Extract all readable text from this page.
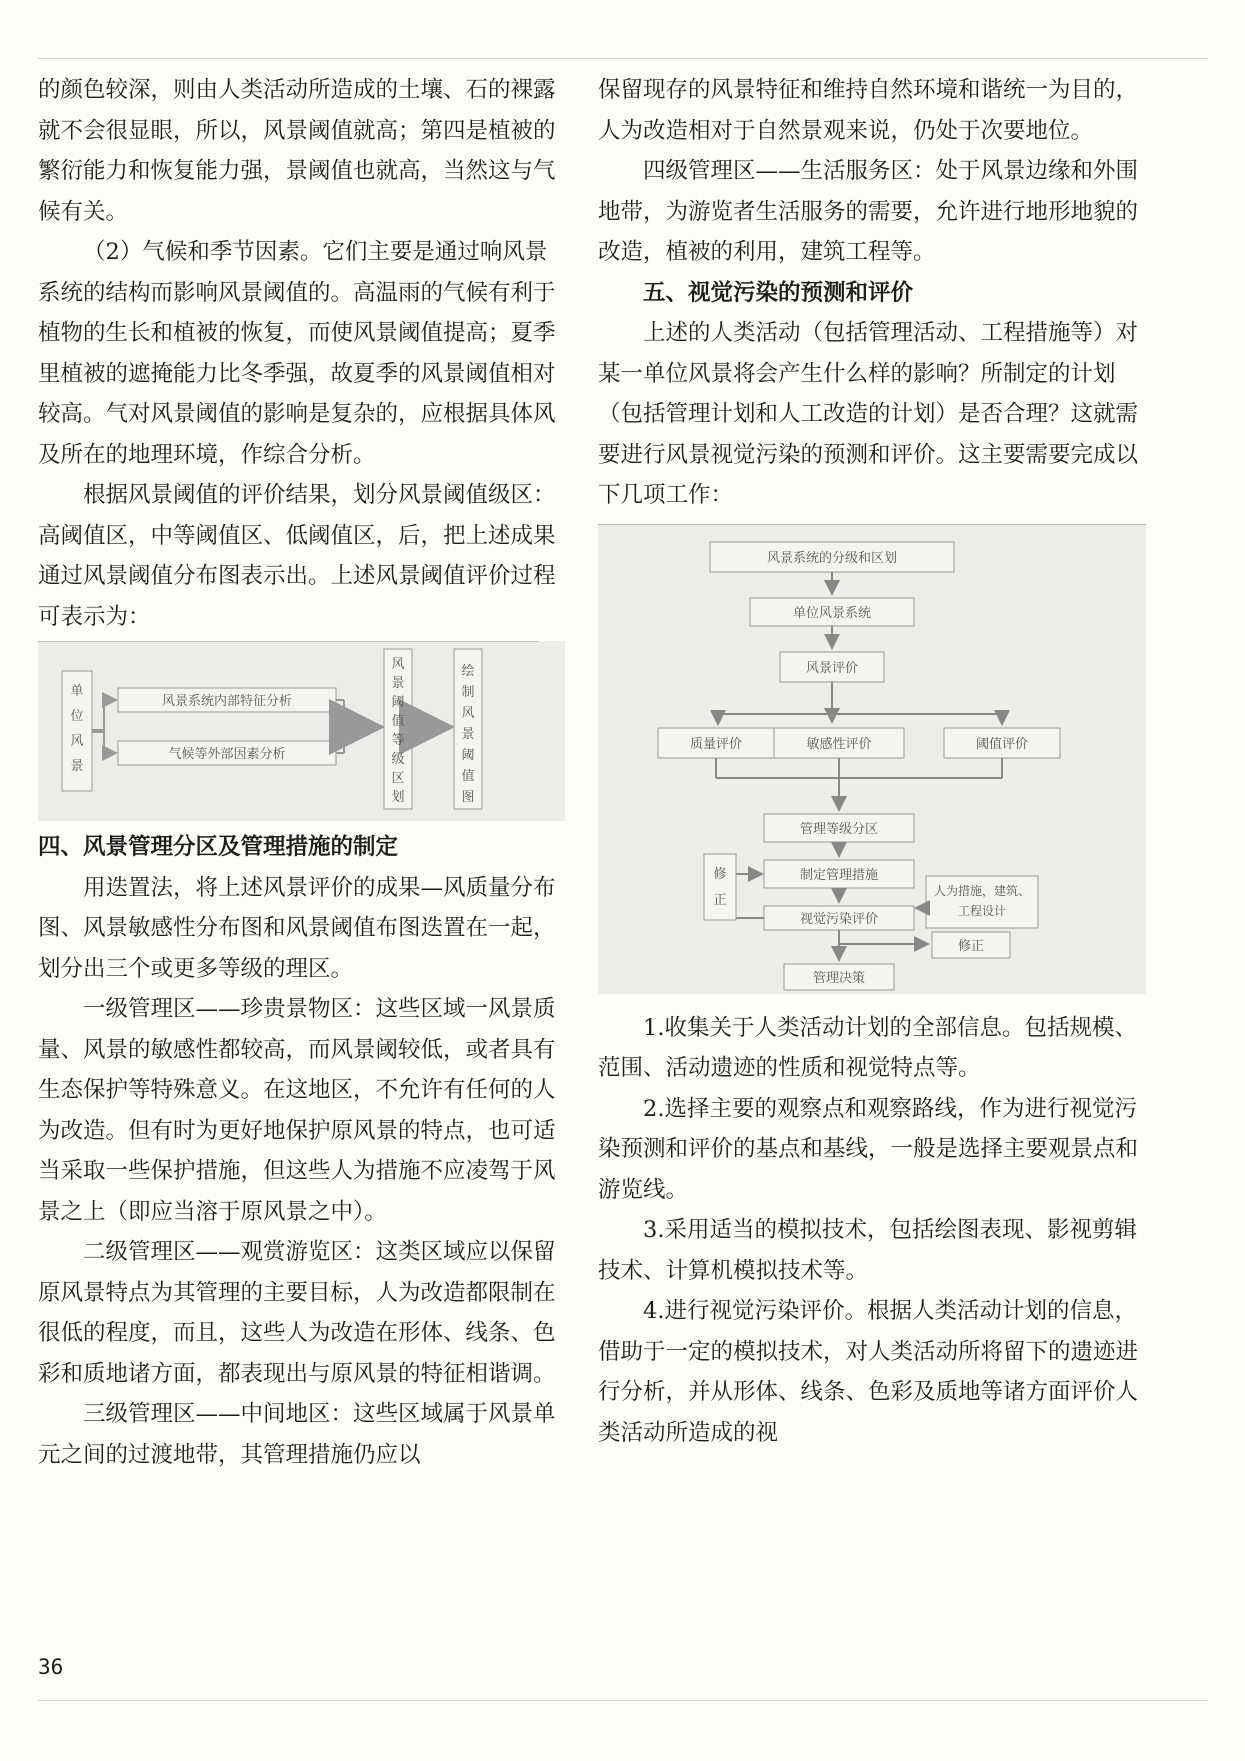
的颜色较深，则由人类活动所造成的土壤、石的裸露就不会很显眼，所以，风景阈值就高；第四是植被的繁衍能力和恢复能力强，景阈值也就高，当然这与气候有关。

（2）气候和季节因素。它们主要是通过响风景系统的结构而影响风景阈值的。高温雨的气候有利于植物的生长和植被的恢复，而使风景阈值提高；夏季里植被的遮掩能力比冬季强，故夏季的风景阈值相对较高。气对风景阈值的影响是复杂的，应根据具体风及所在的地理环境，作综合分析。

根据风景阈值的评价结果，划分风景阈值级区：高阈值区，中等阈值区、低阈值区，后，把上述成果通过风景阈值分布图表示出。上述风景阈值评价过程可表示为：

风景系统内部特征分析
气候等外部因素分析
单位风景
风景阈值等级区划
绘制风景阈值图

四、风景管理分区及管理措施的制定

用迭置法，将上述风景评价的成果—风质量分布图、风景敏感性分布图和风景阈值布图迭置在一起，划分出三个或更多等级的理区。

一级管理区——珍贵景物区：这些区域一风景质量、风景的敏感性都较高，而风景阈较低，或者具有生态保护等特殊意义。在这地区，不允许有任何的人为改造。但有时为更好地保护原风景的特点，也可适当采取一些保护措施，但这些人为措施不应凌驾于风景之上（即应当溶于原风景之中）。

二级管理区——观赏游览区：这类区域应以保留原风景特点为其管理的主要目标，人为改造都限制在很低的程度，而且，这些人为改造在形体、线条、色彩和质地诸方面，都表现出与原风景的特征相谐调。

三级管理区——中间地区：这些区域属于风景单元之间的过渡地带，其管理措施仍应以

保留现存的风景特征和维持自然环境和谐统一为目的，人为改造相对于自然景观来说，仍处于次要地位。

四级管理区——生活服务区：处于风景边缘和外围地带，为游览者生活服务的需要，允许进行地形地貌的改造，植被的利用，建筑工程等。

五、视觉污染的预测和评价

上述的人类活动（包括管理活动、工程措施等）对某一单位风景将会产生什么样的影响？所制定的计划（包括管理计划和人工改造的计划）是否合理？这就需要进行风景视觉污染的预测和评价。这主要需要完成以下几项工作：

风景系统的分级和区划
单位风景系统
风景评价
质量评价	敏感性评价	阈值评价
管理等级分区
制定管理措施
视觉污染评价
修正
管理决策
修正
人为措施，建筑、工程设计

1.收集关于人类活动计划的全部信息。包括规模、范围、活动遗迹的性质和视觉特点等。

2.选择主要的观察点和观察路线，作为进行视觉污染预测和评价的基点和基线，一般是选择主要观景点和游览线。

3.采用适当的模拟技术，包括绘图表现、影视剪辑技术、计算机模拟技术等。

4.进行视觉污染评价。根据人类活动计划的信息，借助于一定的模拟技术，对人类活动所将留下的遗迹进行分析，并从形体、线条、色彩及质地等诸方面评价人类活动所造成的视

36
